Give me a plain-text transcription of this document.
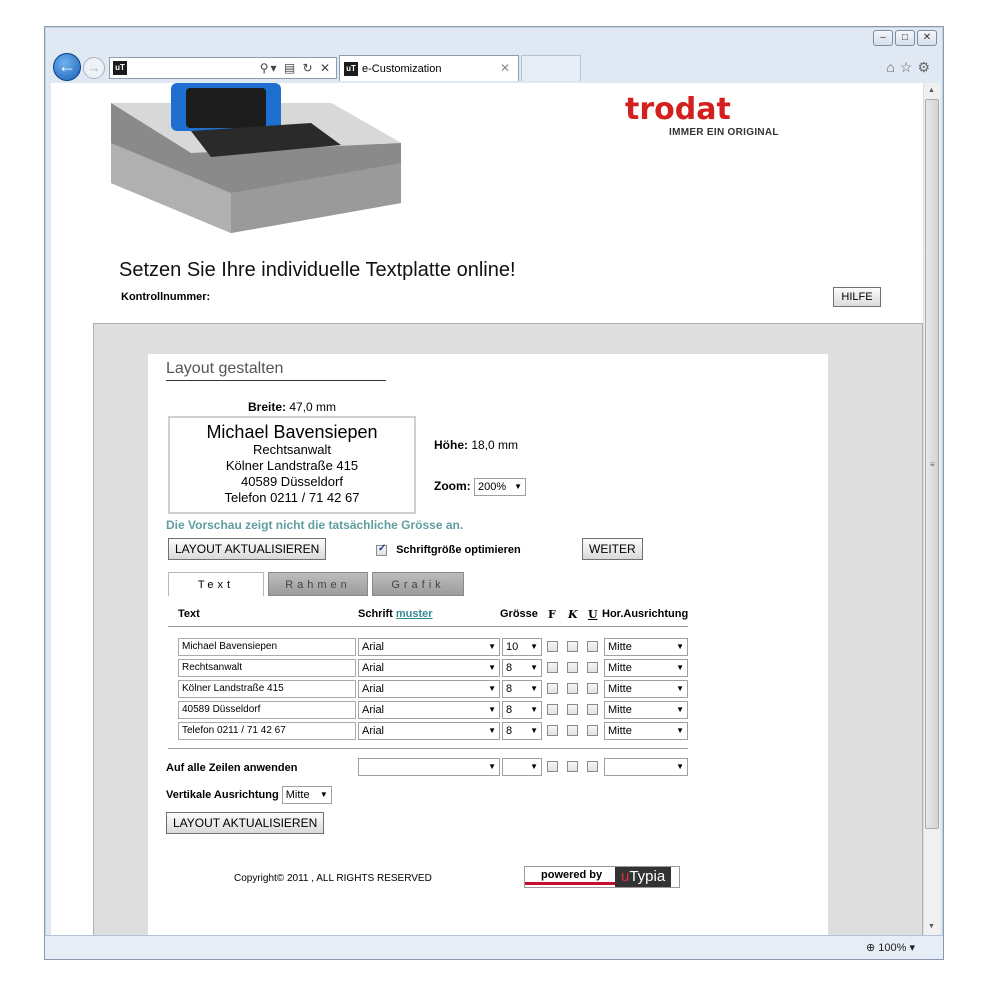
–	□	✕
← →	uT	⚲▾ ▤ ↻ ✕ uT e-Customization	✕	⌂☆⚙
trodat
IMMER EIN ORIGINAL
Setzen Sie Ihre individuelle Textplatte online!
Kontrollnummer:	HILFE
Layout gestalten
Breite: 47,0 mm
Michael Bavensiepen
Rechtsanwalt
Kölner Landstraße 415
40589 Düsseldorf
Telefon 0211 / 71 42 67
Höhe: 18,0 mm
Zoom: 200% ▼
Die Vorschau zeigt nicht die tatsächliche Grösse an.
LAYOUT AKTUALISIEREN
✓	Schriftgröße optimieren	WEITER
Text	Rahmen	Grafik
Text	Schrift muster	Grösse F K U Hor.Ausrichtung
Michael Bavensiepen	Arial	▼ 10 ▼	Mitte	▼
Rechtsanwalt	Arial	▼ 8 ▼	Mitte	▼
Kölner Landstraße 415	Arial	▼ 8 ▼	Mitte	▼
40589 Düsseldorf	Arial	▼ 8 ▼	Mitte	▼
Telefon 0211 / 71 42 67	Arial	▼ 8 ▼	Mitte	▼
Auf alle Zeilen anwenden	▼	▼	▼
Vertikale Ausrichtung Mitte ▼
LAYOUT AKTUALISIEREN
Copyright© 2011 , ALL RIGHTS RESERVED	powered by	uTypia
▲
≡
▼
⊕ 100% ▾
